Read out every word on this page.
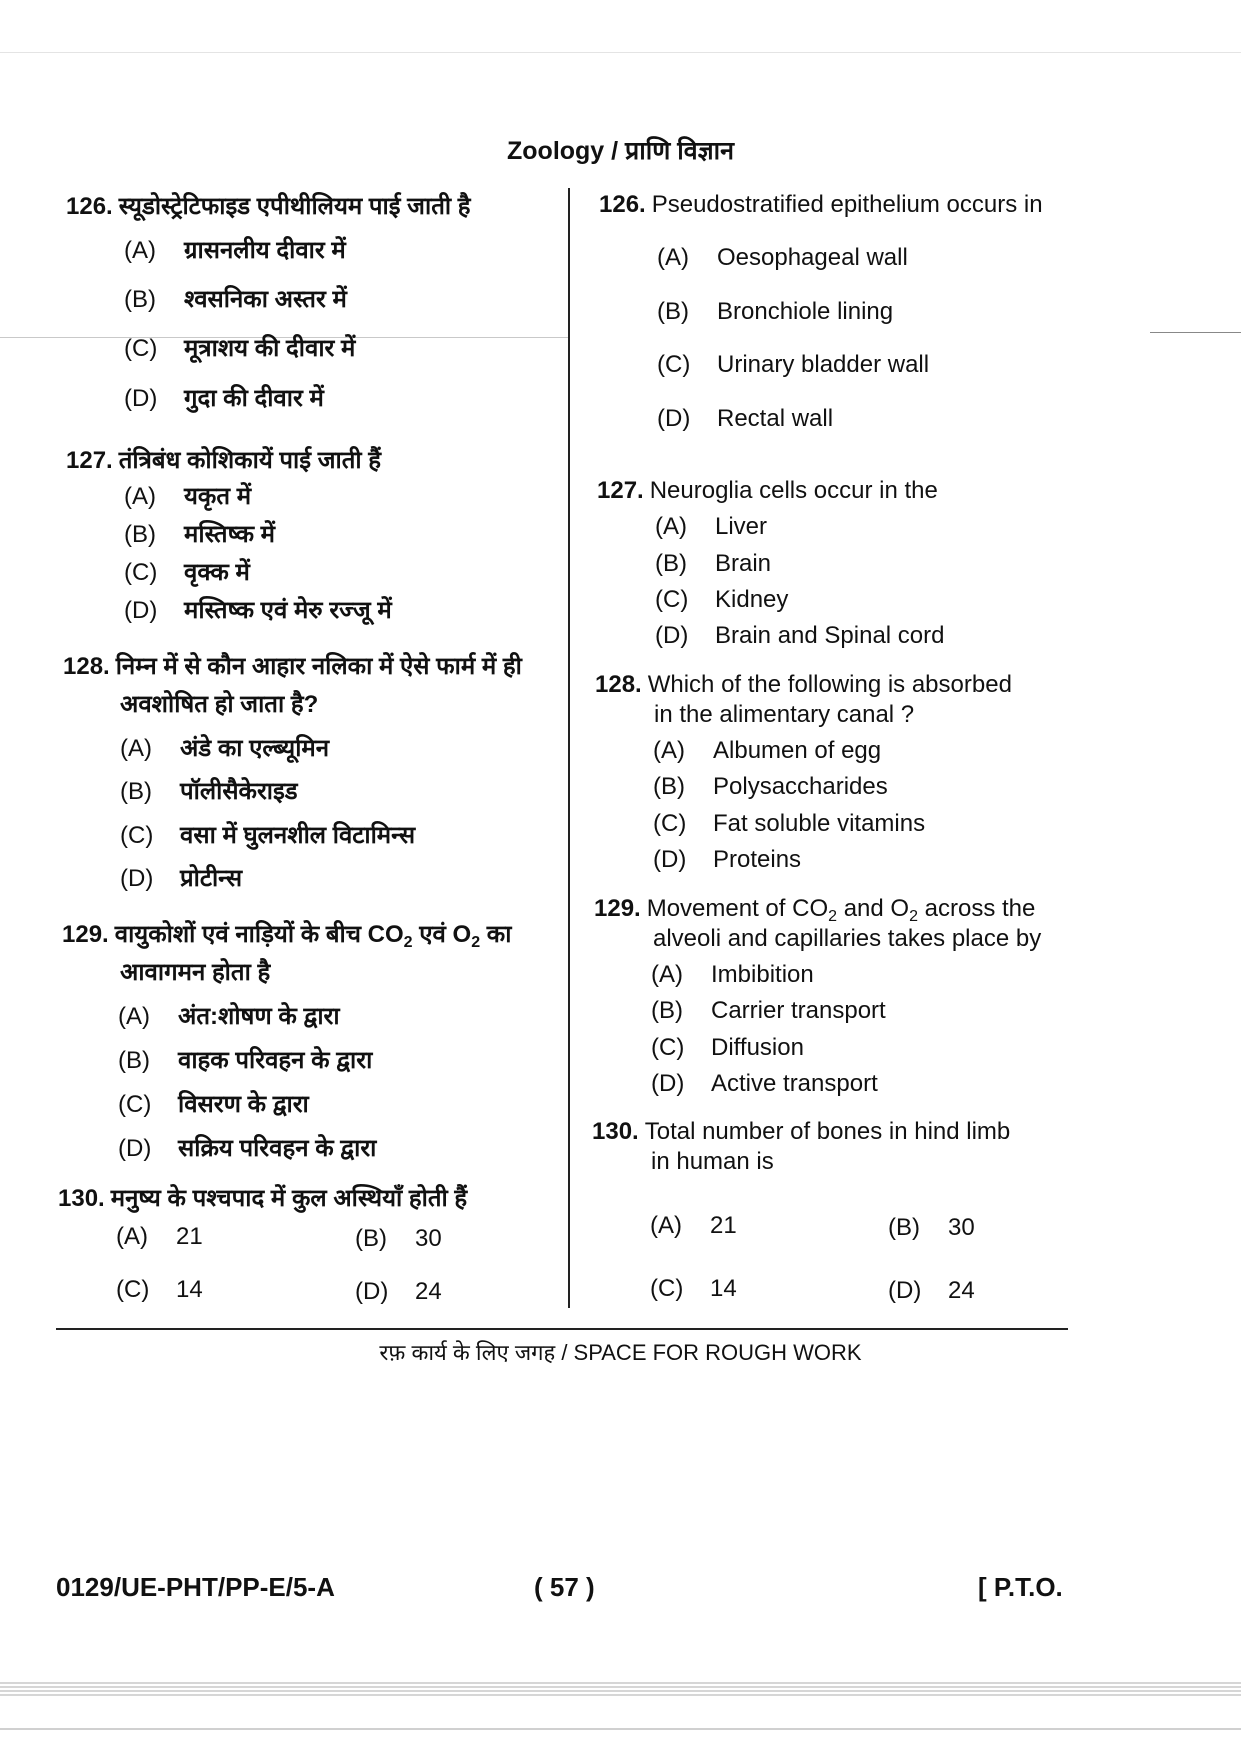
Zoology / प्राणि विज्ञान
126. स्यूडोस्ट्रेटिफाइड एपीथीलियम पाई जाती है
(A) ग्रासनलीय दीवार में
(B) श्वसनिका अस्तर में
(C) मूत्राशय की दीवार में
(D) गुदा की दीवार में
127. तंत्रिबंध कोशिकायें पाई जाती हैं
(A) यकृत में
(B) मस्तिष्क में
(C) वृक्क में
(D) मस्तिष्क एवं मेरु रज्जू में
128. निम्न में से कौन आहार नलिका में ऐसे फार्म में ही
अवशोषित हो जाता है?
(A) अंडे का एल्ब्यूमिन
(B) पॉलीसैकेराइड
(C) वसा में घुलनशील विटामिन्स
(D) प्रोटीन्स
129. वायुकोशों एवं नाड़ियों के बीच $CO_2$ एवं $O_2$ का
आवागमन होता है
(A) अंत:शोषण के द्वारा
(B) वाहक परिवहन के द्वारा
(C) विसरण के द्वारा
(D) सक्रिय परिवहन के द्वारा
130. मनुष्य के पश्चपाद में कुल अस्थियाँ होती हैं
(A) 21	(B) 30
(C) 14	(D) 24
126. Pseudostratified epithelium occurs in
(A) Oesophageal wall
(B) Bronchiole lining
(C) Urinary bladder wall
(D) Rectal wall
127. Neuroglia cells occur in the
(A) Liver
(B) Brain
(C) Kidney
(D) Brain and Spinal cord
128. Which of the following is absorbed
in the alimentary canal ?
(A) Albumen of egg
(B) Polysaccharides
(C) Fat soluble vitamins
(D) Proteins
129. Movement of $CO_2$ and $O_2$ across the
alveoli and capillaries takes place by
(A) Imbibition
(B) Carrier transport
(C) Diffusion
(D) Active transport
130. Total number of bones in hind limb
in human is
(A) 21	(B) 30
(C) 14	(D) 24
रफ़ कार्य के लिए जगह / SPACE FOR ROUGH WORK
0129/UE-PHT/PP-E/5-A	( 57 )	[ P.T.O.
